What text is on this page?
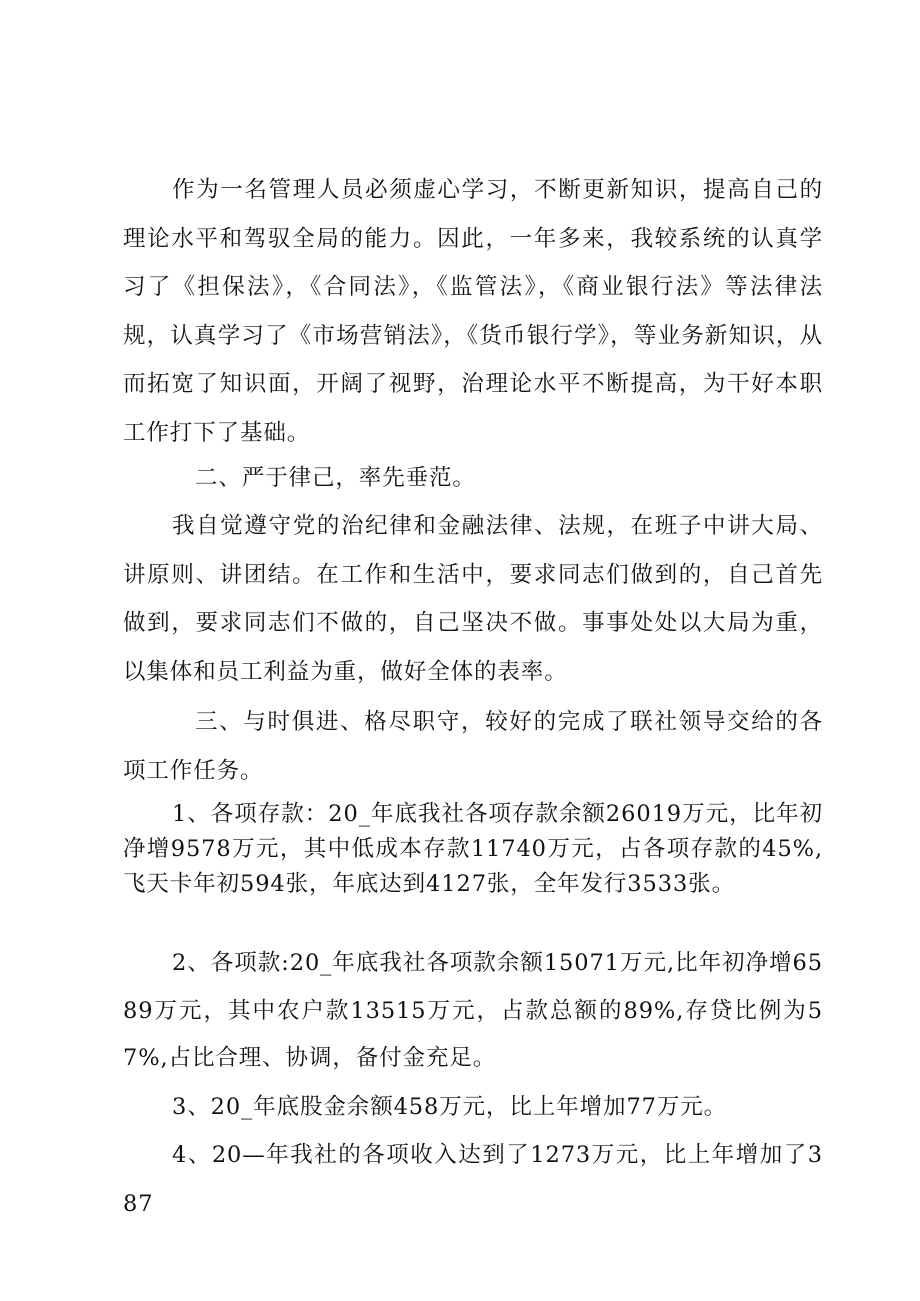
作为一名管理人员必须虚心学习，不断更新知识，提高自己的理论水平和驾驭全局的能力。因此，一年多来，我较系统的认真学习了《担保法》，《合同法》，《监管法》，《商业银行法》等法律法规，认真学习了《市场营销法》，《货币银行学》，等业务新知识，从而拓宽了知识面，开阔了视野，治理论水平不断提高，为干好本职工作打下了基础。

二、严于律己，率先垂范。

我自觉遵守党的治纪律和金融法律、法规，在班子中讲大局、讲原则、讲团结。在工作和生活中，要求同志们做到的，自己首先做到，要求同志们不做的，自己坚决不做。事事处处以大局为重，以集体和员工利益为重，做好全体的表率。

三、与时俱进、格尽职守，较好的完成了联社领导交给的各项工作任务。

1、各项存款：20_年底我社各项存款余额26019万元，比年初净增9578万元，其中低成本存款11740万元，占各项存款的45%,飞天卡年初594张，年底达到4127张，全年发行3533张。

2、各项款:20_年底我社各项款余额15071万元,比年初净增6589万元，其中农户款13515万元，占款总额的89%,存贷比例为57%,占比合理、协调，备付金充足。

3、20_年底股金余额458万元，比上年增加77万元。

4、20—年我社的各项收入达到了1273万元，比上年增加了387
